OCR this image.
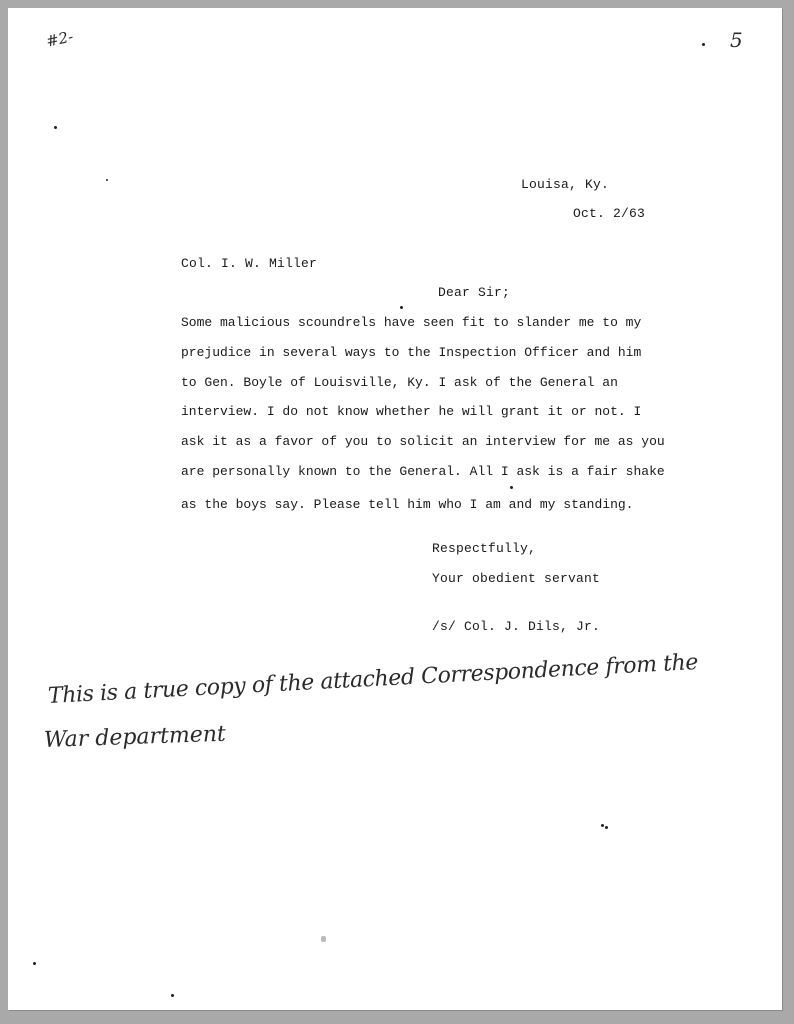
#2-	5
Louisa, Ky.
Oct. 2/63
Col. I. W. Miller
Dear Sir;
Some malicious scoundrels have seen fit to slander me to my
prejudice in several ways to the Inspection Officer and him
to Gen. Boyle of Louisville, Ky. I ask of the General an
interview. I do not know whether he will grant it or not. I
ask it as a favor of you to solicit an interview for me as you
are personally known to the General. All I ask is a fair shake
as the boys say. Please tell him who I am and my standing.
Respectfully,
Your obedient servant
/s/ Col. J. Dils, Jr.
This is a true copy of the attached Correspondence from the
War department
